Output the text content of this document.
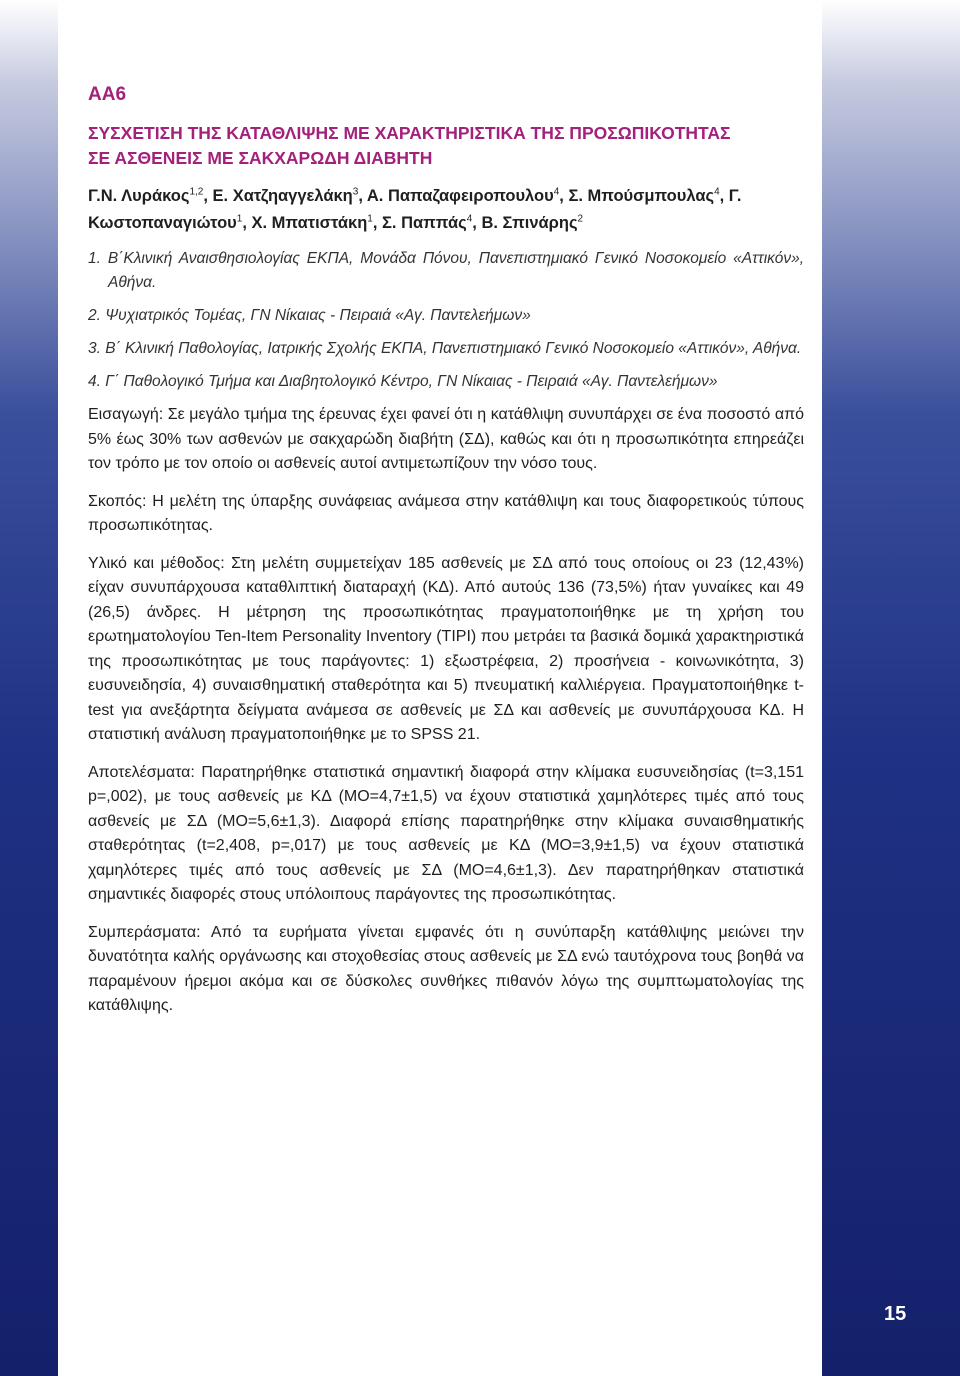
ΑΑ6
ΣΥΣΧΕΤΙΣΗ ΤΗΣ ΚΑΤΑΘΛΙΨΗΣ ΜΕ ΧΑΡΑΚΤΗΡΙΣΤΙΚΑ ΤΗΣ ΠΡΟΣΩΠΙΚΟΤΗΤΑΣ
ΣΕ ΑΣΘΕΝΕΙΣ ΜΕ ΣΑΚΧΑΡΩΔΗ ΔΙΑΒΗΤΗ
Γ.Ν. Λυράκος$^{1,2}$, Ε. Χατζηαγγελάκη$^3$, Α. Παπαζαφειροπουλου$^4$, Σ. Μπούσμπουλας$^4$, Γ. Κωστοπαναγιώτου$^1$, Χ. Μπατιστάκη$^1$, Σ. Παππάς$^4$, Β. Σπινάρης$^2$
1. Β΄Κλινική Αναισθησιολογίας ΕΚΠΑ, Μονάδα Πόνου, Πανεπιστημιακό Γενικό Νοσοκομείο «Αττικόν», Αθήνα.
2. Ψυχιατρικός Τομέας, ΓΝ Νίκαιας - Πειραιά «Αγ. Παντελεήμων»
3. Β΄ Κλινική Παθολογίας, Ιατρικής Σχολής ΕΚΠΑ, Πανεπιστημιακό Γενικό Νοσοκομείο «Αττικόν», Αθήνα.
4. Γ΄ Παθολογικό Τμήμα και Διαβητολογικό Κέντρο, ΓΝ Νίκαιας - Πειραιά «Αγ. Παντελεήμων»

Εισαγωγή: Σε μεγάλο τμήμα της έρευνας έχει φανεί ότι η κατάθλιψη συνυπάρχει σε ένα ποσοστό από 5% έως 30% των ασθενών με σακχαρώδη διαβήτη (ΣΔ), καθώς και ότι η προσωπικότητα επηρεάζει τον τρόπο με τον οποίο οι ασθενείς αυτοί αντιμετωπίζουν την νόσο τους.

Σκοπός: Η μελέτη της ύπαρξης συνάφειας ανάμεσα στην κατάθλιψη και τους διαφορετικούς τύπους προσωπικότητας.

Υλικό και μέθοδος: Στη μελέτη συμμετείχαν 185 ασθενείς με ΣΔ από τους οποίους οι 23 (12,43%) είχαν συνυπάρχουσα καταθλιπτική διαταραχή (ΚΔ). Από αυτούς 136 (73,5%) ήταν γυναίκες και 49 (26,5) άνδρες. Η μέτρηση της προσωπικότητας πραγματοποιήθηκε με τη χρήση του ερωτηματολογίου Ten-Item Personality Inventory (TIPI) που μετράει τα βασικά δομικά χαρακτηριστικά της προσωπικότητας με τους παράγοντες: 1) εξωστρέφεια, 2) προσήνεια - κοινωνικότητα, 3) ευσυνειδησία, 4) συναισθηματική σταθερότητα και 5) πνευματική καλλιέργεια. Πραγματοποιήθηκε t-test για ανεξάρτητα δείγματα ανάμεσα σε ασθενείς με ΣΔ και ασθενείς με συνυπάρχουσα ΚΔ. Η στατιστική ανάλυση πραγματοποιήθηκε με το SPSS 21.

Αποτελέσματα: Παρατηρήθηκε στατιστικά σημαντική διαφορά στην κλίμακα ευσυνειδησίας (t=3,151 p=,002), με τους ασθενείς με ΚΔ (ΜΟ=4,7±1,5) να έχουν στατιστικά χαμηλότερες τιμές από τους ασθενείς με ΣΔ (ΜΟ=5,6±1,3). Διαφορά επίσης παρατηρήθηκε στην κλίμακα συναισθηματικής σταθερότητας (t=2,408, p=,017) με τους ασθενείς με ΚΔ (ΜΟ=3,9±1,5) να έχουν στατιστικά χαμηλότερες τιμές από τους ασθενείς με ΣΔ (ΜΟ=4,6±1,3). Δεν παρατηρήθηκαν στατιστικά σημαντικές διαφορές στους υπόλοιπους παράγοντες της προσωπικότητας.

Συμπεράσματα: Από τα ευρήματα γίνεται εμφανές ότι η συνύπαρξη κατάθλιψης μειώνει την δυνατότητα καλής οργάνωσης και στοχοθεσίας στους ασθενείς με ΣΔ ενώ ταυτόχρονα τους βοηθά να παραμένουν ήρεμοι ακόμα και σε δύσκολες συνθήκες πιθανόν λόγω της συμπτωματολογίας της κατάθλιψης.

15
